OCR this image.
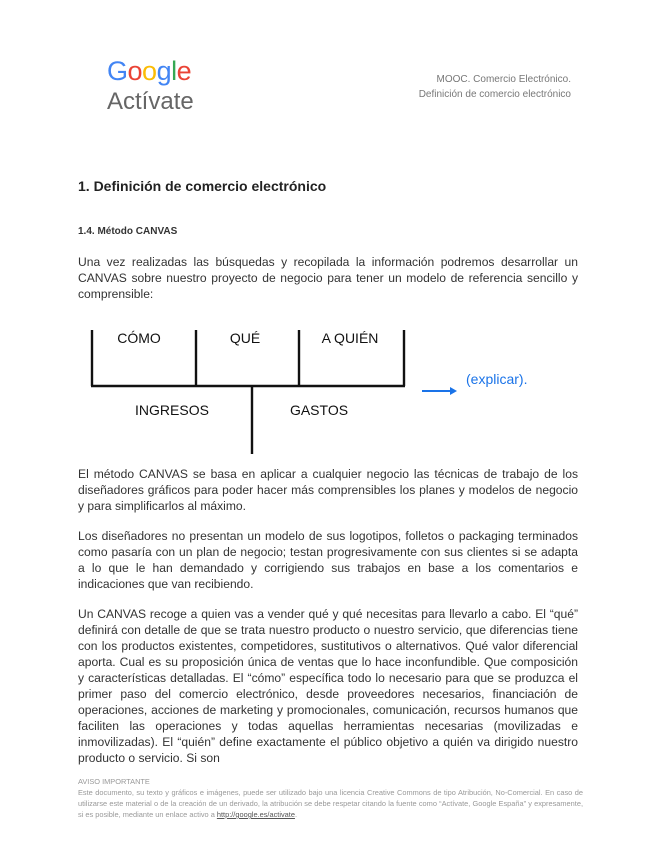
Google
Actívate
MOOC. Comercio Electrónico.
Definición de comercio electrónico
1. Definición de comercio electrónico
1.4. Método CANVAS
Una vez realizadas las búsquedas y recopilada la información podremos desarrollar un CANVAS sobre nuestro proyecto de negocio para tener un modelo de referencia sencillo y comprensible:
CÓMO	QUÉ	A QUIÉN
INGRESOS	GASTOS
(explicar).
El método CANVAS se basa en aplicar a cualquier negocio las técnicas de trabajo de los diseñadores gráficos para poder hacer más comprensibles los planes y modelos de negocio y para simplificarlos al máximo.
Los diseñadores no presentan un modelo de sus logotipos, folletos o packaging terminados como pasaría con un plan de negocio; testan progresivamente con sus clientes si se adapta a lo que le han demandado y corrigiendo sus trabajos en base a los comentarios e indicaciones que van recibiendo.
Un CANVAS recoge a quien vas a vender qué y qué necesitas para llevarlo a cabo. El “qué” definirá con detalle de que se trata nuestro producto o nuestro servicio, que diferencias tiene con los productos existentes, competidores, sustitutivos o alternativos. Qué valor diferencial aporta. Cual es su proposición única de ventas que lo hace inconfundible. Que composición y características detalladas. El “cómo” específica todo lo necesario para que se produzca el primer paso del comercio electrónico, desde proveedores necesarios, financiación de operaciones, acciones de marketing y promocionales, comunicación, recursos humanos que faciliten las operaciones y todas aquellas herramientas necesarias (movilizadas e inmovilizadas). El “quién” define exactamente el público objetivo a quién va dirigido nuestro producto o servicio. Si son
AVISO IMPORTANTE
Este documento, su texto y gráficos e imágenes, puede ser utilizado bajo una licencia Creative Commons de tipo Atribución, No-Comercial. En caso de utilizarse este material o de la creación de un derivado, la atribución se debe respetar citando la fuente como “Actívate, Google España” y expresamente, si es posible, mediante un enlace activo a http://google.es/activate.
